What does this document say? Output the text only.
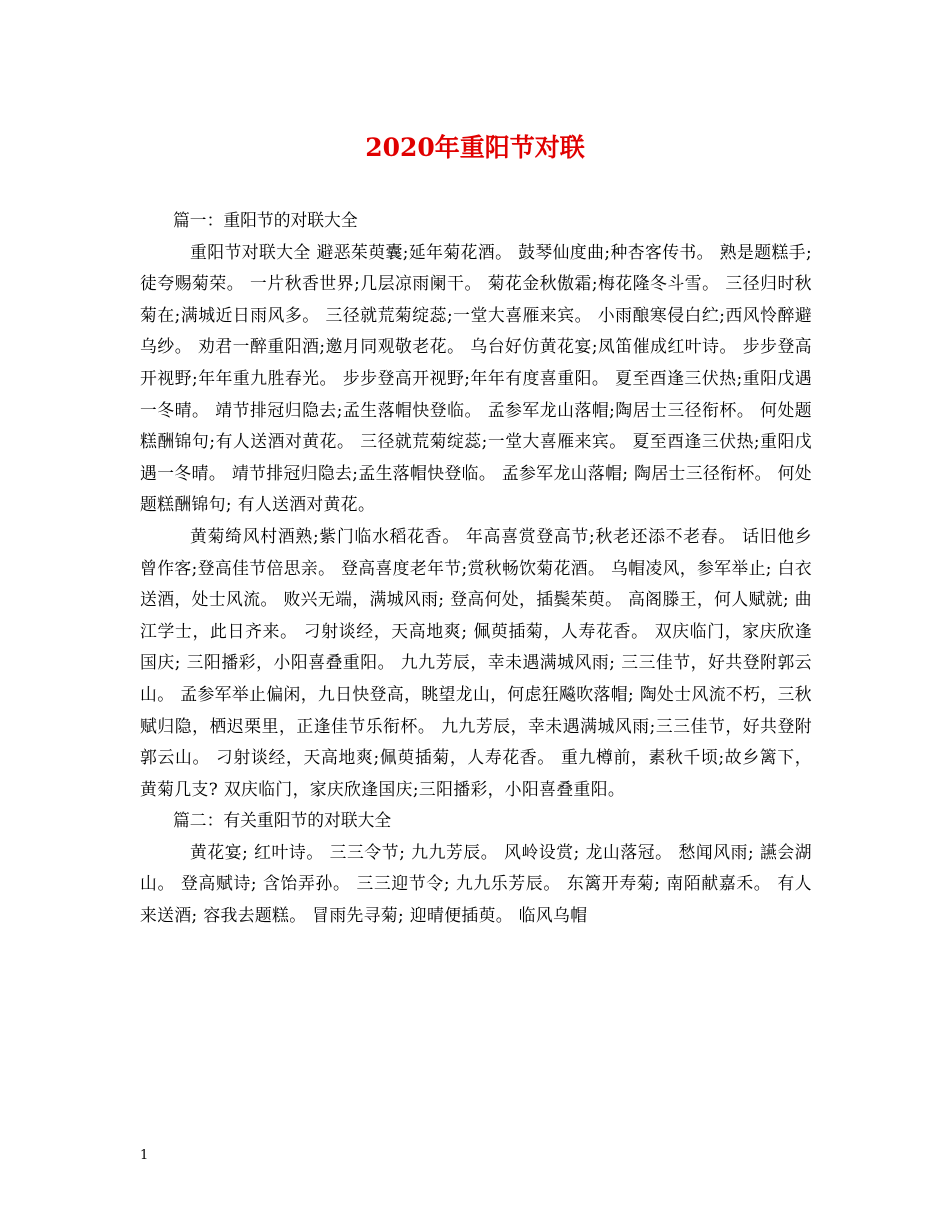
2020年重阳节对联

篇一：重阳节的对联大全

重阳节对联大全 避恶茱萸囊;延年菊花酒。 鼓琴仙度曲;种杏客传书。 熟是题糕手;徒夸赐菊荣。 一片秋香世界;几层凉雨阑干。 菊花金秋傲霜;梅花隆冬斗雪。 三径归时秋菊在;满城近日雨风多。 三径就荒菊绽蕊;一堂大喜雁来宾。 小雨酿寒侵白纻;西风怜醉避乌纱。 劝君一醉重阳酒;邀月同观敬老花。 乌台好仿黄花宴;凤笛催成红叶诗。 步步登高开视野;年年重九胜春光。 步步登高开视野;年年有度喜重阳。 夏至酉逢三伏热;重阳戊遇一冬晴。 靖节排冠归隐去;孟生落帽快登临。 孟参军龙山落帽;陶居士三径衔杯。 何处题糕酬锦句;有人送酒对黄花。 三径就荒菊绽蕊;一堂大喜雁来宾。 夏至酉逢三伏热;重阳戊遇一冬晴。 靖节排冠归隐去;孟生落帽快登临。 孟参军龙山落帽; 陶居士三径衔杯。 何处题糕酬锦句; 有人送酒对黄花。

黄菊绮风村酒熟;紫门临水稻花香。 年高喜赏登高节;秋老还添不老春。 话旧他乡曾作客;登高佳节倍思亲。 登高喜度老年节;赏秋畅饮菊花酒。 乌帽凌风，参军举止; 白衣送酒，处士风流。 败兴无端，满城风雨; 登高何处，插鬓茱萸。 高阁滕王，何人赋就; 曲江学士，此日齐来。 刁射谈经，天高地爽; 佩萸插菊，人寿花香。 双庆临门，家庆欣逢国庆; 三阳播彩，小阳喜叠重阳。 九九芳辰，幸未遇满城风雨; 三三佳节，好共登附郭云山。 孟参军举止偏闲，九日快登高，眺望龙山，何虑狂飚吹落帽; 陶处士风流不朽，三秋赋归隐，栖迟栗里，正逢佳节乐衔杯。 九九芳辰，幸未遇满城风雨;三三佳节，好共登附郭云山。 刁射谈经，天高地爽;佩萸插菊，人寿花香。 重九樽前，素秋千顷;故乡篱下，黄菊几支? 双庆临门，家庆欣逢国庆;三阳播彩，小阳喜叠重阳。

篇二：有关重阳节的对联大全

黄花宴; 红叶诗。 三三令节; 九九芳辰。 风岭设赏; 龙山落冠。 愁闻风雨; 讌会湖山。 登高赋诗; 含饴弄孙。 三三迎节令; 九九乐芳辰。 东篱开寿菊; 南陌献嘉禾。 有人来送酒; 容我去题糕。 冒雨先寻菊; 迎晴便插萸。 临风乌帽

1
